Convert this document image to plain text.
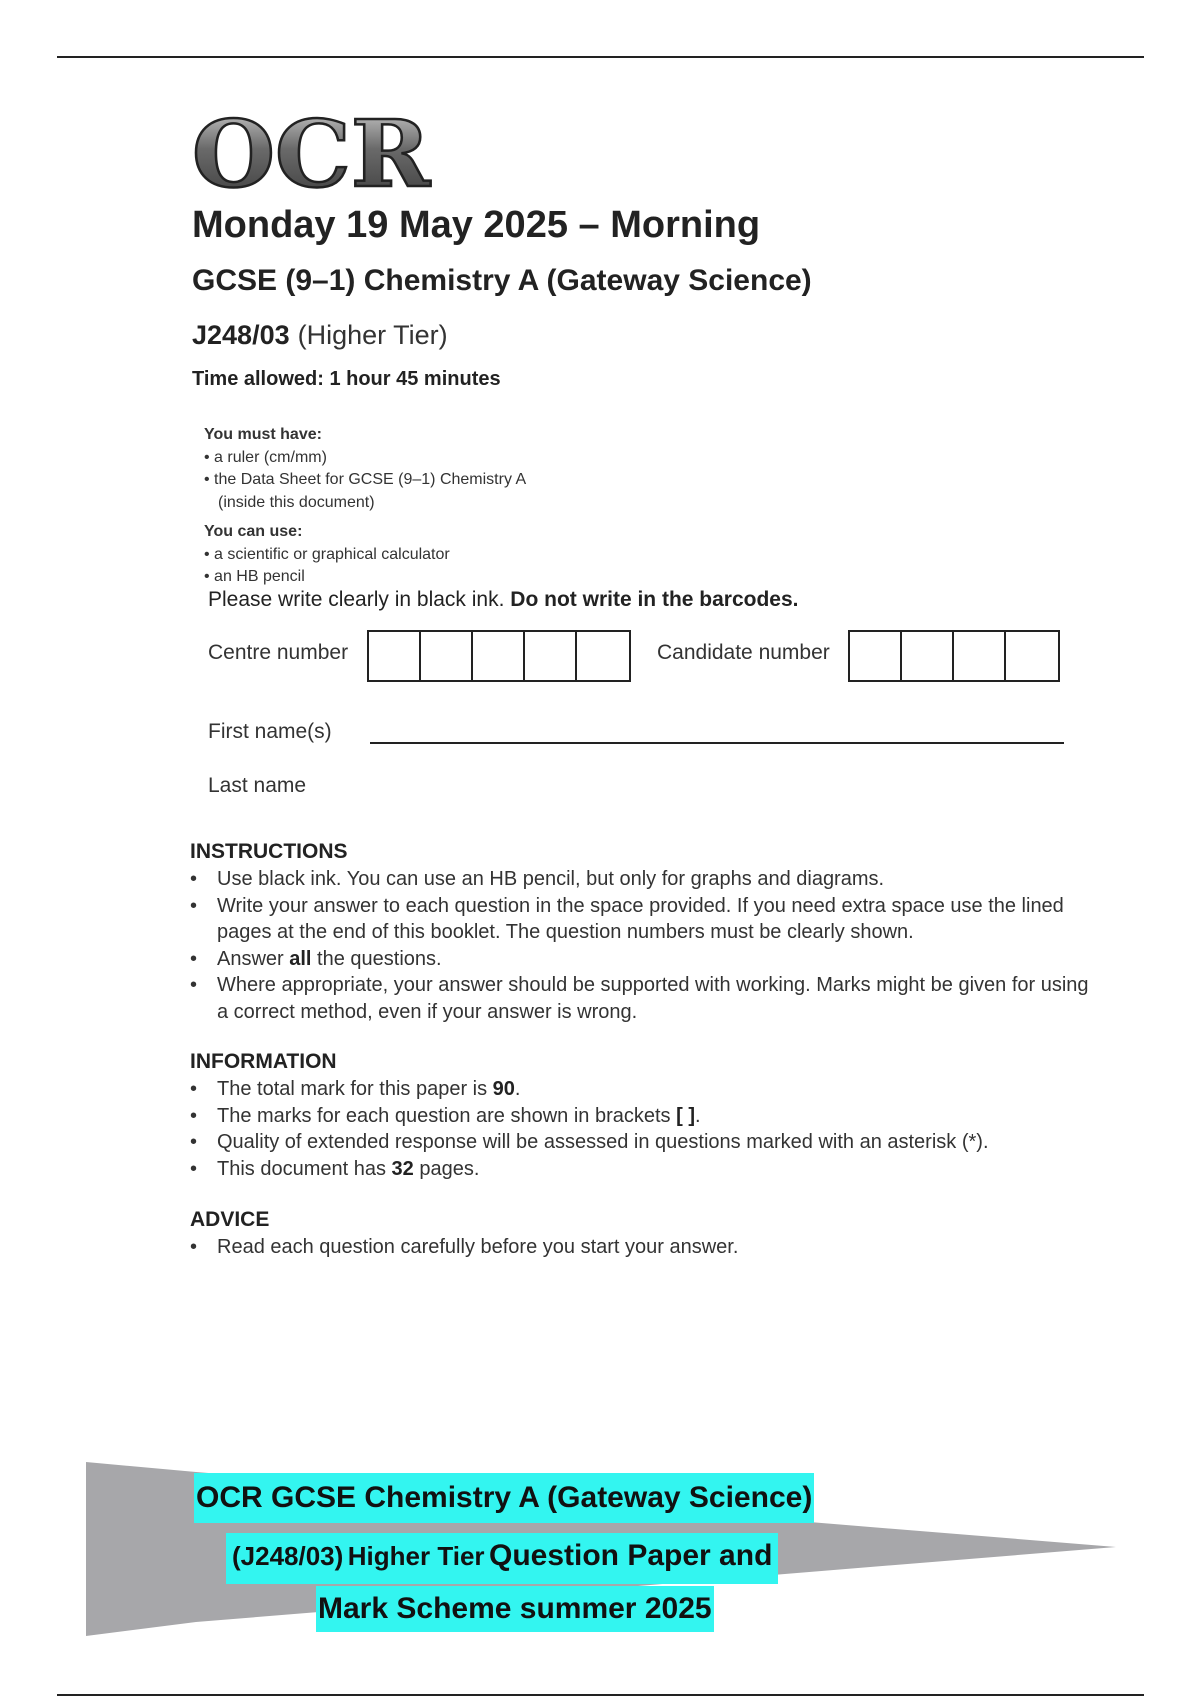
OCR
Monday 19 May 2025 – Morning
GCSE (9–1) Chemistry A (Gateway Science)
J248/03 (Higher Tier)
Time allowed: 1 hour 45 minutes
You must have:
• a ruler (cm/mm)
• the Data Sheet for GCSE (9–1) Chemistry A
(inside this document)
You can use:
• a scientific or graphical calculator
• an HB pencil
Please write clearly in black ink. Do not write in the barcodes.
Centre number	Candidate number
First name(s)
Last name
INSTRUCTIONS
• Use black ink. You can use an HB pencil, but only for graphs and diagrams.
• Write your answer to each question in the space provided. If you need extra space use the lined pages at the end of this booklet. The question numbers must be clearly shown.
• Answer all the questions.
• Where appropriate, your answer should be supported with working. Marks might be given for using a correct method, even if your answer is wrong.
INFORMATION
• The total mark for this paper is 90.
• The marks for each question are shown in brackets [ ].
• Quality of extended response will be assessed in questions marked with an asterisk (*).
• This document has 32 pages.
ADVICE
• Read each question carefully before you start your answer.
OCR GCSE Chemistry A (Gateway Science)
(J248/03) Higher Tier Question Paper and
Mark Scheme summer 2025
